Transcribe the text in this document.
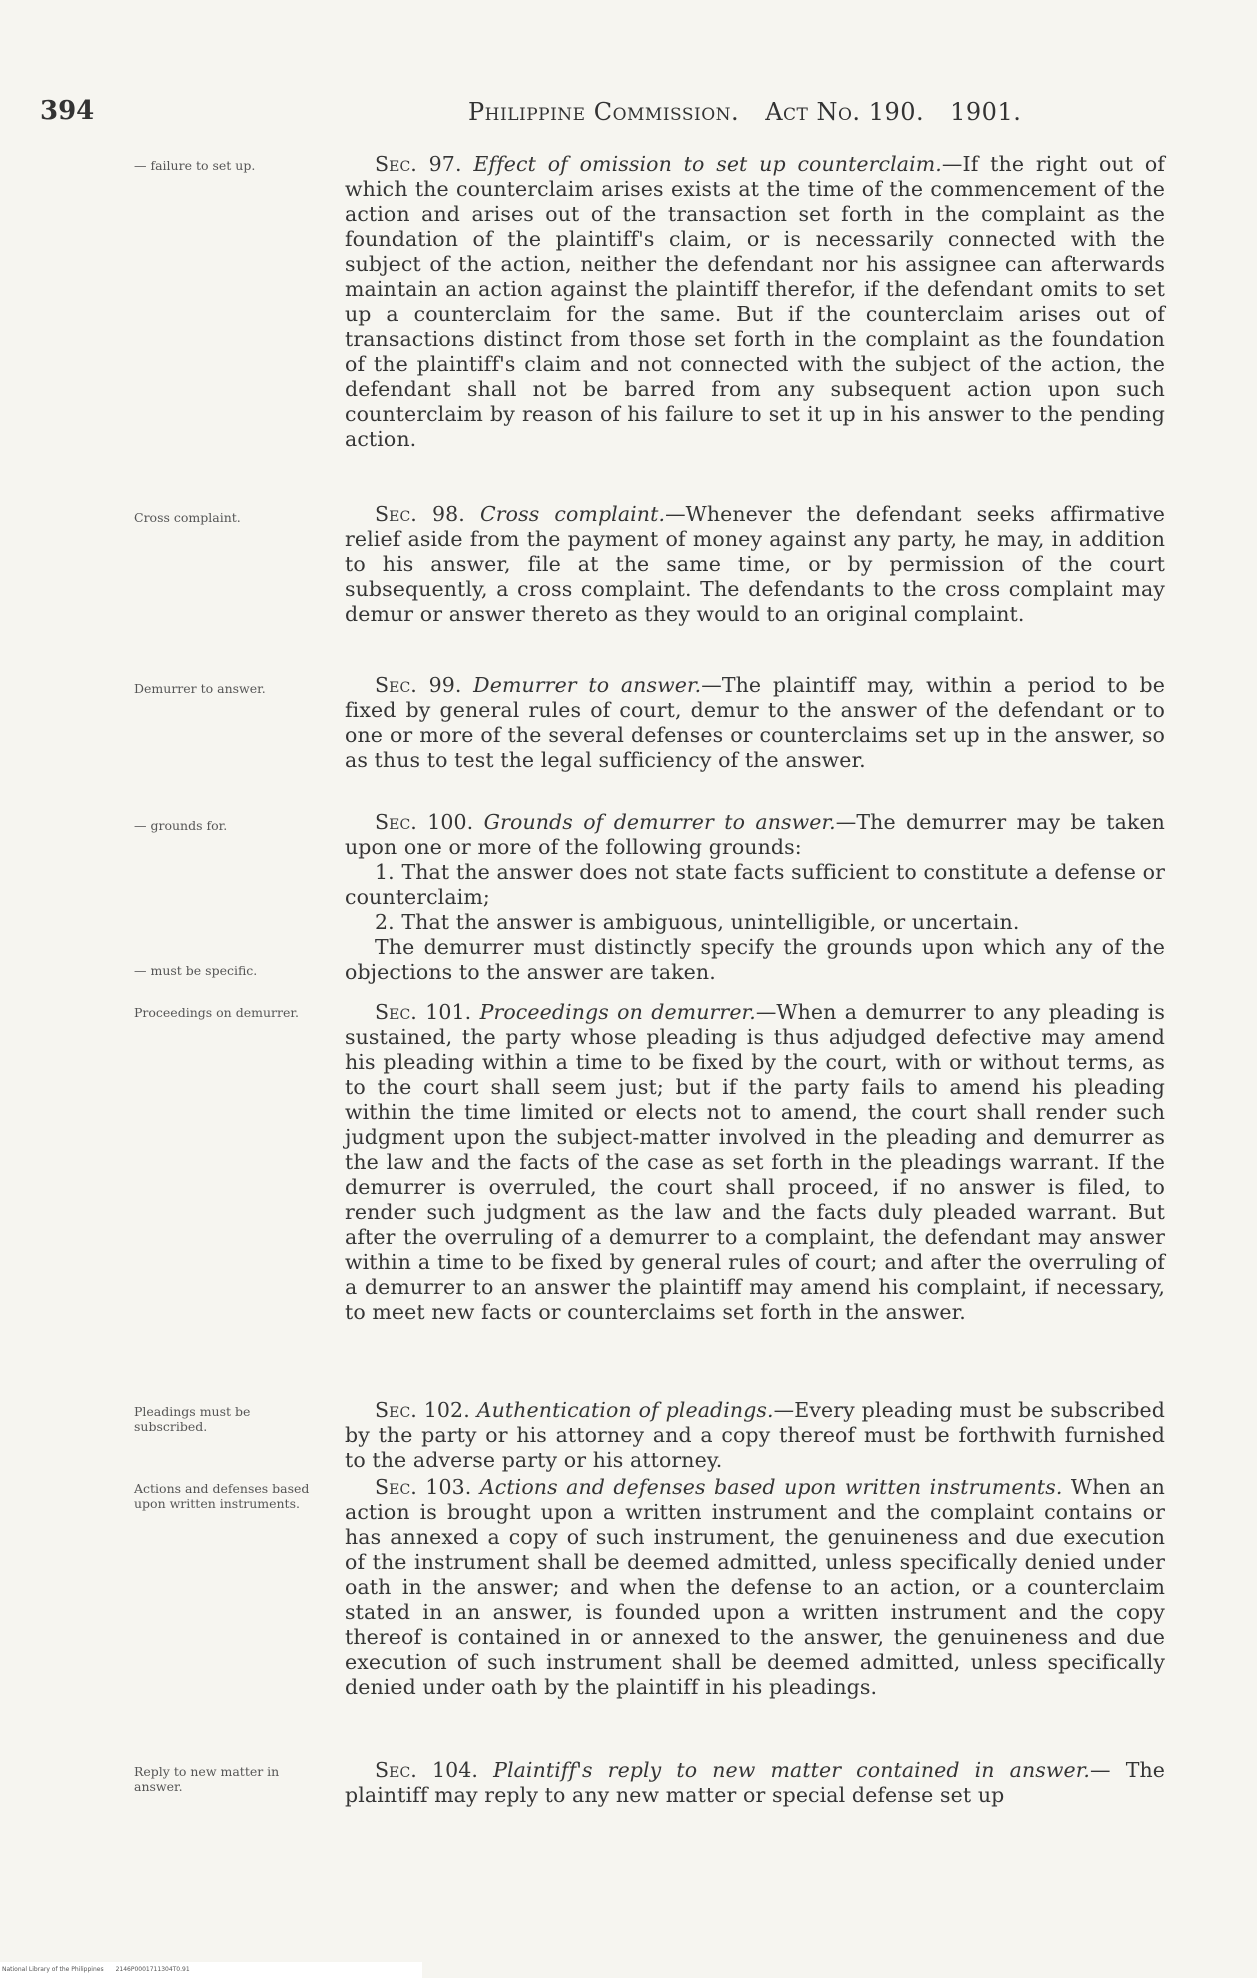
394	Philippine Commission. Act No. 190. 1901.
— failure to set up.
Cross complaint.
Demurrer to answer.
— grounds for.
— must be specific.
Proceedings on demurrer.
Pleadings must be subscribed.
Actions and defenses based upon written instruments.
Reply to new matter in answer.

Sec. 97. Effect of omission to set up counterclaim.—If the right out of which the counterclaim arises exists at the time of the commencement of the action and arises out of the transaction set forth in the complaint as the foundation of the plaintiff's claim, or is necessarily connected with the subject of the action, neither the defendant nor his assignee can afterwards maintain an action against the plaintiff therefor, if the defendant omits to set up a counterclaim for the same. But if the counterclaim arises out of transactions distinct from those set forth in the complaint as the foundation of the plaintiff's claim and not connected with the subject of the action, the defendant shall not be barred from any subsequent action upon such counterclaim by reason of his failure to set it up in his answer to the pending action.

Sec. 98. Cross complaint.—Whenever the defendant seeks affirmative relief aside from the payment of money against any party, he may, in addition to his answer, file at the same time, or by permission of the court subsequently, a cross complaint. The defendants to the cross complaint may demur or answer thereto as they would to an original complaint.

Sec. 99. Demurrer to answer.—The plaintiff may, within a period to be fixed by general rules of court, demur to the answer of the defendant or to one or more of the several defenses or counterclaims set up in the answer, so as thus to test the legal sufficiency of the answer.

Sec. 100. Grounds of demurrer to answer.—The demurrer may be taken upon one or more of the following grounds:

1. That the answer does not state facts sufficient to constitute a defense or counterclaim;

2. That the answer is ambiguous, unintelligible, or uncertain.

The demurrer must distinctly specify the grounds upon which any of the objections to the answer are taken.

Sec. 101. Proceedings on demurrer.—When a demurrer to any pleading is sustained, the party whose pleading is thus adjudged defective may amend his pleading within a time to be fixed by the court, with or without terms, as to the court shall seem just; but if the party fails to amend his pleading within the time limited or elects not to amend, the court shall render such judgment upon the subject-matter involved in the pleading and demurrer as the law and the facts of the case as set forth in the pleadings warrant. If the demurrer is overruled, the court shall proceed, if no answer is filed, to render such judgment as the law and the facts duly pleaded warrant. But after the overruling of a demurrer to a complaint, the defendant may answer within a time to be fixed by general rules of court; and after the overruling of a demurrer to an answer the plaintiff may amend his complaint, if necessary, to meet new facts or counterclaims set forth in the answer.

Sec. 102. Authentication of pleadings.—Every pleading must be subscribed by the party or his attorney and a copy thereof must be forthwith furnished to the adverse party or his attorney.

Sec. 103. Actions and defenses based upon written instruments. When an action is brought upon a written instrument and the complaint contains or has annexed a copy of such instrument, the genuineness and due execution of the instrument shall be deemed admitted, unless specifically denied under oath in the answer; and when the defense to an action, or a counterclaim stated in an answer, is founded upon a written instrument and the copy thereof is contained in or annexed to the answer, the genuineness and due execution of such instrument shall be deemed admitted, unless specifically denied under oath by the plaintiff in his pleadings.

Sec. 104. Plaintiff's reply to new matter contained in answer.— The plaintiff may reply to any new matter or special defense set up

National Library of the Philippines 2146P0001711304T0.91
